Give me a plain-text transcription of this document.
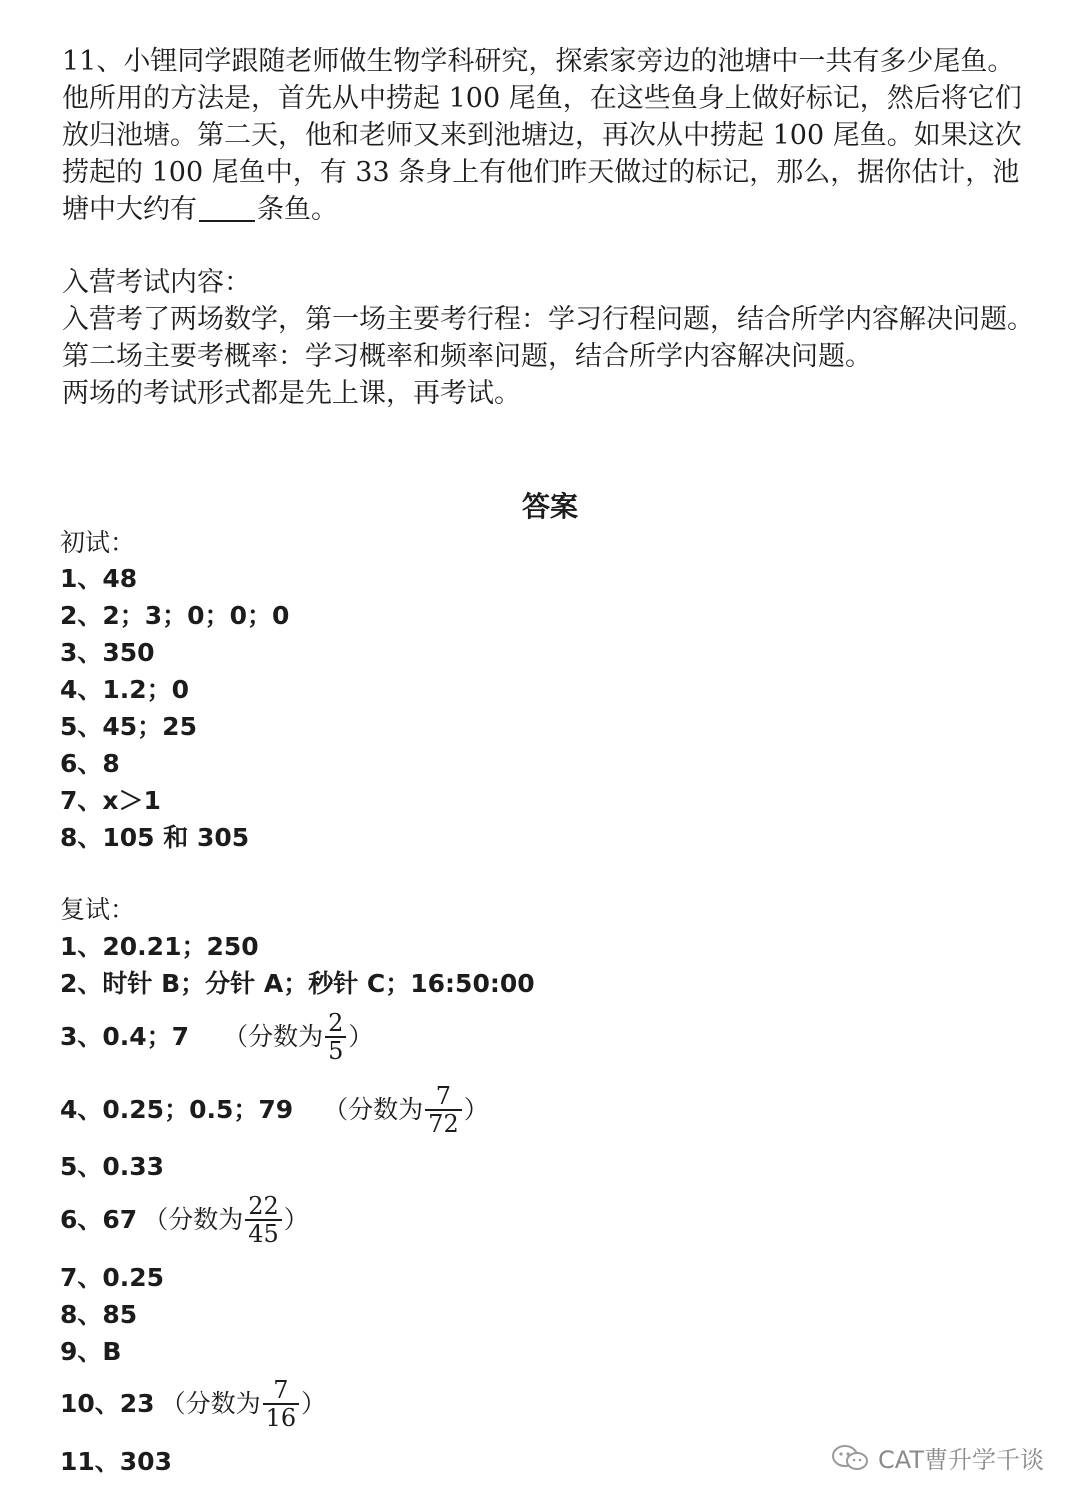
11、小锂同学跟随老师做生物学科研究，探索家旁边的池塘中一共有多少尾鱼。
他所用的方法是，首先从中捞起 100 尾鱼，在这些鱼身上做好标记，然后将它们
放归池塘。第二天，他和老师又来到池塘边，再次从中捞起 100 尾鱼。如果这次
捞起的 100 尾鱼中，有 33 条身上有他们昨天做过的标记，那么，据你估计，池
塘中大约有 条鱼。
入营考试内容：
入营考了两场数学，第一场主要考行程：学习行程问题，结合所学内容解决问题。
第二场主要考概率：学习概率和频率问题，结合所学内容解决问题。
两场的考试形式都是先上课，再考试。
答案
初试：
1、48
2、2；3；0；0；0
3、350
4、1.2；0
5、45；25
6、8
7、x＞1
8、105 和 305
复试：
1、20.21；250
2、时针 B；分针 A；秒针 C；16:50:00
3、0.4；7 （分数为 $\frac{2}{5}$ ）
4、0.25；0.5；79 （分数为 $\frac{7}{72}$ ）
5、0.33
6、67 （分数为 $\frac{22}{45}$ ）
7、0.25
8、85
9、B
10、23 （分数为 $\frac{7}{16}$ ）
11、303	CAT曹升学千谈
